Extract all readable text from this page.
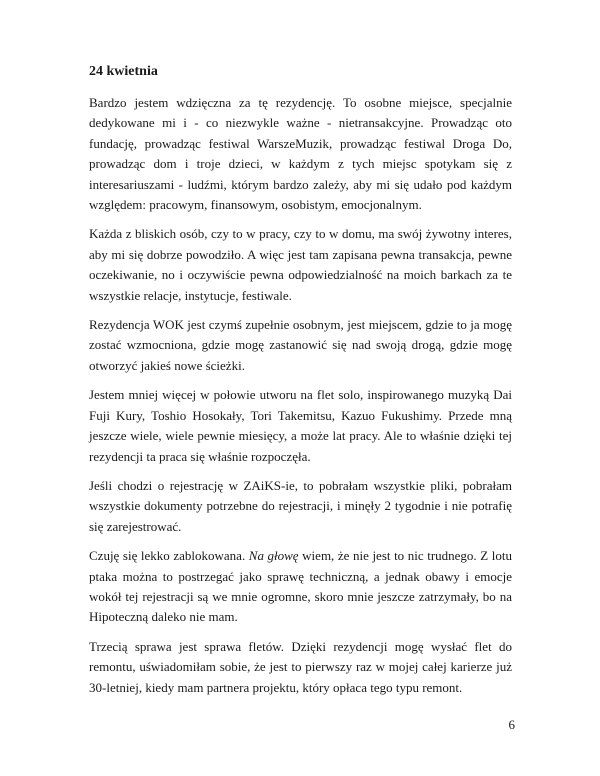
24 kwietnia

Bardzo jestem wdzięczna za tę rezydencję. To osobne miejsce, specjalnie dedykowane mi i - co niezwykle ważne - nietransakcyjne. Prowadząc oto fundację, prowadząc festiwal WarszeMuzik, prowadząc festiwal Droga Do, prowadząc dom i troje dzieci, w każdym z tych miejsc spotykam się z interesariuszami - ludźmi, którym bardzo zależy, aby mi się udało pod każdym względem: pracowym, finansowym, osobistym, emocjonalnym.

Każda z bliskich osób, czy to w pracy, czy to w domu, ma swój żywotny interes, aby mi się dobrze powodziło. A więc jest tam zapisana pewna transakcja, pewne oczekiwanie, no i oczywiście pewna odpowiedzialność na moich barkach za te wszystkie relacje, instytucje, festiwale.

Rezydencja WOK jest czymś zupełnie osobnym, jest miejscem, gdzie to ja mogę zostać wzmocniona, gdzie mogę zastanowić się nad swoją drogą, gdzie mogę otworzyć jakieś nowe ścieżki.

Jestem mniej więcej w połowie utworu na flet solo, inspirowanego muzyką Dai Fuji Kury, Toshio Hosokały, Tori Takemitsu, Kazuo Fukushimy. Przede mną jeszcze wiele, wiele pewnie miesięcy, a może lat pracy. Ale to właśnie dzięki tej rezydencji ta praca się właśnie rozpoczęła.

Jeśli chodzi o rejestrację w ZAiKS-ie, to pobrałam wszystkie pliki, pobrałam wszystkie dokumenty potrzebne do rejestracji, i minęły 2 tygodnie i nie potrafię się zarejestrować.

Czuję się lekko zablokowana. Na głowę wiem, że nie jest to nic trudnego. Z lotu ptaka można to postrzegać jako sprawę techniczną, a jednak obawy i emocje wokół tej rejestracji są we mnie ogromne, skoro mnie jeszcze zatrzymały, bo na Hipoteczną daleko nie mam.

Trzecią sprawa jest sprawa fletów. Dzięki rezydencji mogę wysłać flet do remontu, uświadomiłam sobie, że jest to pierwszy raz w mojej całej karierze już 30-letniej, kiedy mam partnera projektu, który opłaca tego typu remont.

6
